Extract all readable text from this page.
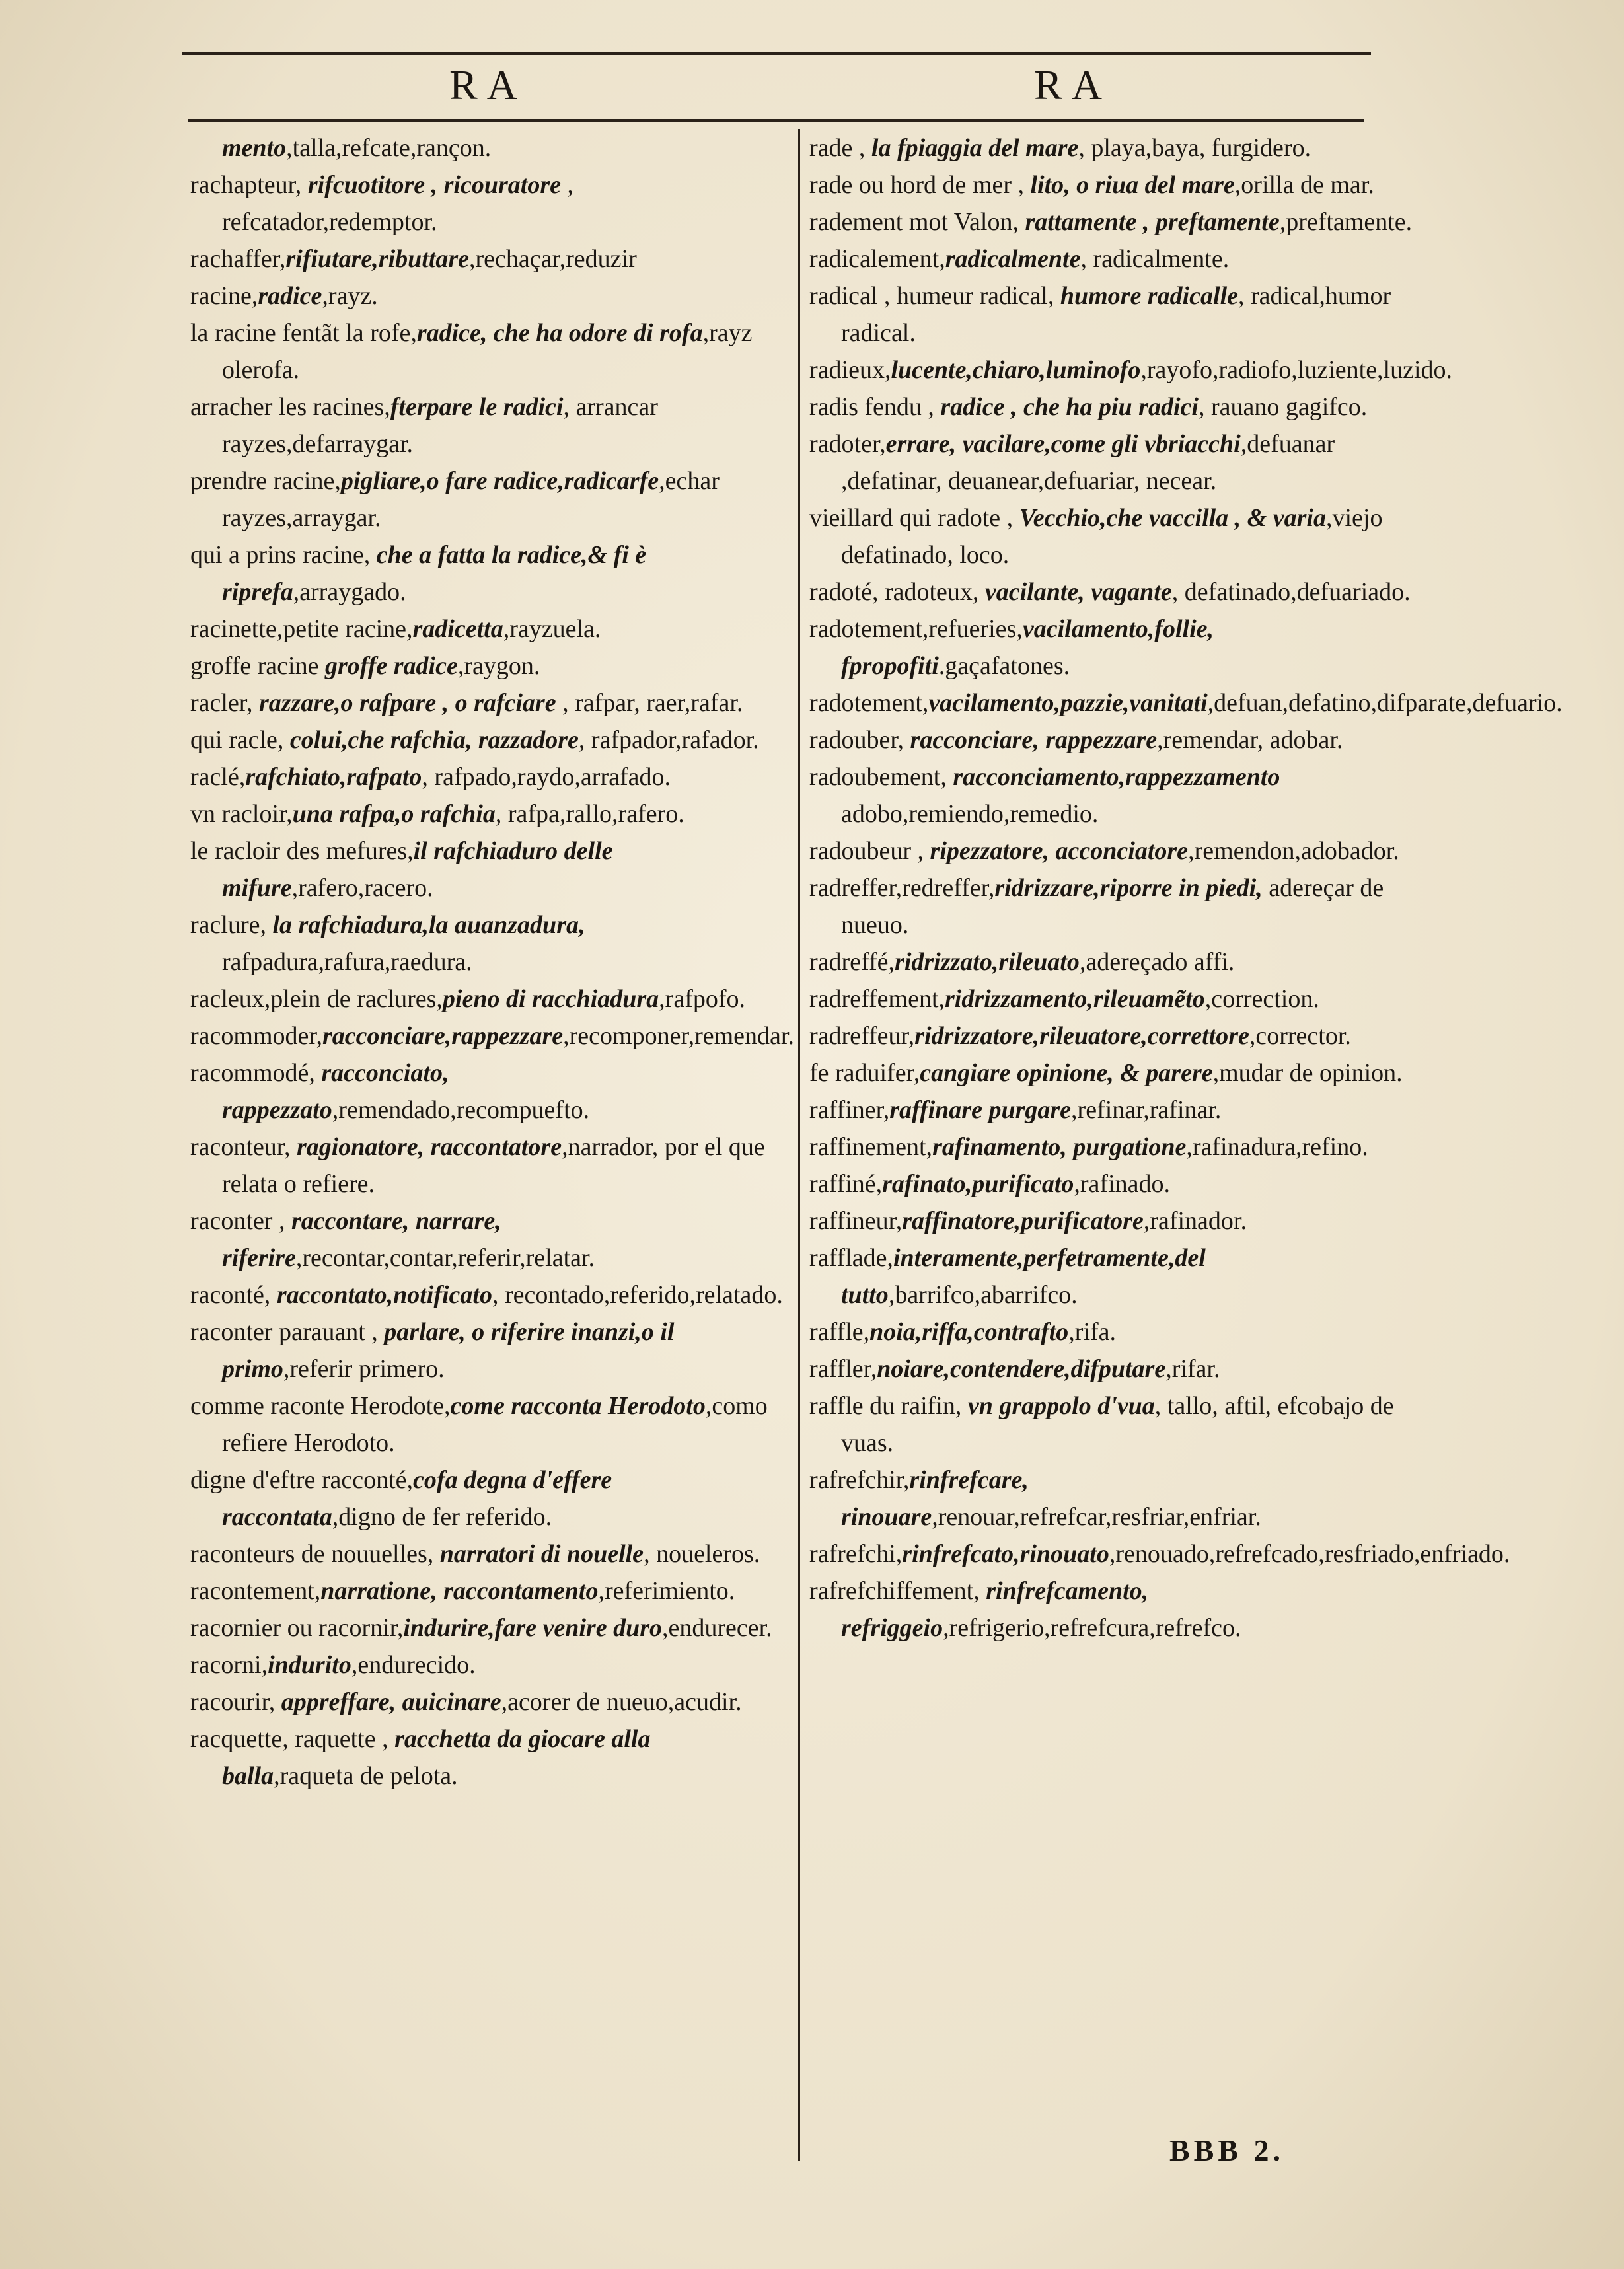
RA	RA

mento,talla,refcate,rançon.

rachapteur, rifcuotitore , ricouratore , refcatador,redemptor.

rachaffer,rifiutare,ributtare,rechaçar,reduzir

racine,radice,rayz.

la racine fentãt la rofe,radice, che ha odore di rofa,rayz olerofa.

arracher les racines,fterpare le radici, arrancar rayzes,defarraygar.

prendre racine,pigliare,o fare radice,radicarfe,echar rayzes,arraygar.

qui a prins racine, che a fatta la radice,& fi è riprefa,arraygado.

racinette,petite racine,radicetta,rayzuela.

groffe racine groffe radice,raygon.

racler, razzare,o rafpare , o rafciare , rafpar, raer,rafar.

qui racle, colui,che rafchia, razzadore, rafpador,rafador.

raclé,rafchiato,rafpato, rafpado,raydo,arrafado.

vn racloir,una rafpa,o rafchia, rafpa,rallo,rafero.

le racloir des mefures,il rafchiaduro delle mifure,rafero,racero.

raclure, la rafchiadura,la auanzadura, rafpadura,rafura,raedura.

racleux,plein de raclures,pieno di racchiadura,rafpofo.

racommoder,racconciare,rappezzare,recomponer,remendar.

racommodé, racconciato, rappezzato,remendado,recompuefto.

raconteur, ragionatore, raccontatore,narrador, por el que relata o refiere.

raconter , raccontare, narrare, riferire,recontar,contar,referir,relatar.

raconté, raccontato,notificato, recontado,referido,relatado.

raconter parauant , parlare, o riferire inanzi,o il primo,referir primero.

comme raconte Herodote,come racconta Herodoto,como refiere Herodoto.

digne d'eftre racconté,cofa degna d'effere raccontata,digno de fer referido.

raconteurs de nouuelles, narratori di nouelle, noueleros.

racontement,narratione, raccontamento,referimiento.

racornier ou racornir,indurire,fare venire duro,endurecer.

racorni,indurito,endurecido.

racourir, appreffare, auicinare,acorer de nueuo,acudir.

racquette, raquette , racchetta da giocare alla balla,raqueta de pelota.

rade , la fpiaggia del mare, playa,baya, furgidero.

rade ou hord de mer , lito, o riua del mare,orilla de mar.

radement mot Valon, rattamente , preftamente,preftamente.

radicalement,radicalmente, radicalmente.

radical , humeur radical, humore radicalle, radical,humor radical.

radieux,lucente,chiaro,luminofo,rayofo,radiofo,luziente,luzido.

radis fendu , radice , che ha piu radici, rauano gagifco.

radoter,errare, vacilare,come gli vbriacchi,defuanar ,defatinar, deuanear,defuariar, necear.

vieillard qui radote , Vecchio,che vaccilla , & varia,viejo defatinado, loco.

radoté, radoteux, vacilante, vagante, defatinado,defuariado.

radotement,refueries,vacilamento,follie, fpropofiti.gaçafatones.

radotement,vacilamento,pazzie,vanitati,defuan,defatino,difparate,defuario.

radouber, racconciare, rappezzare,remendar, adobar.

radoubement, racconciamento,rappezzamento adobo,remiendo,remedio.

radoubeur , ripezzatore, acconciatore,remendon,adobador.

radreffer,redreffer,ridrizzare,riporre in piedi, adereçar de nueuo.

radreffé,ridrizzato,rileuato,adereçado affi.

radreffement,ridrizzamento,rileuamẽto,correction.

radreffeur,ridrizzatore,rileuatore,correttore,corrector.

fe raduifer,cangiare opinione, & parere,mudar de opinion.

raffiner,raffinare purgare,refinar,rafinar.

raffinement,rafinamento, purgatione,rafinadura,refino.

raffiné,rafinato,purificato,rafinado.

raffineur,raffinatore,purificatore,rafinador.

rafflade,interamente,perfetramente,del tutto,barrifco,abarrifco.

raffle,noia,riffa,contrafto,rifa.

raffler,noiare,contendere,difputare,rifar.

raffle du raifin, vn grappolo d'vua, tallo, aftil, efcobajo de vuas.

rafrefchir,rinfrefcare, rinouare,renouar,refrefcar,resfriar,enfriar.

rafrefchi,rinfrefcato,rinouato,renouado,refrefcado,resfriado,enfriado.

rafrefchiffement, rinfrefcamento, refriggeio,refrigerio,refrefcura,refrefco.

BBB 2.
